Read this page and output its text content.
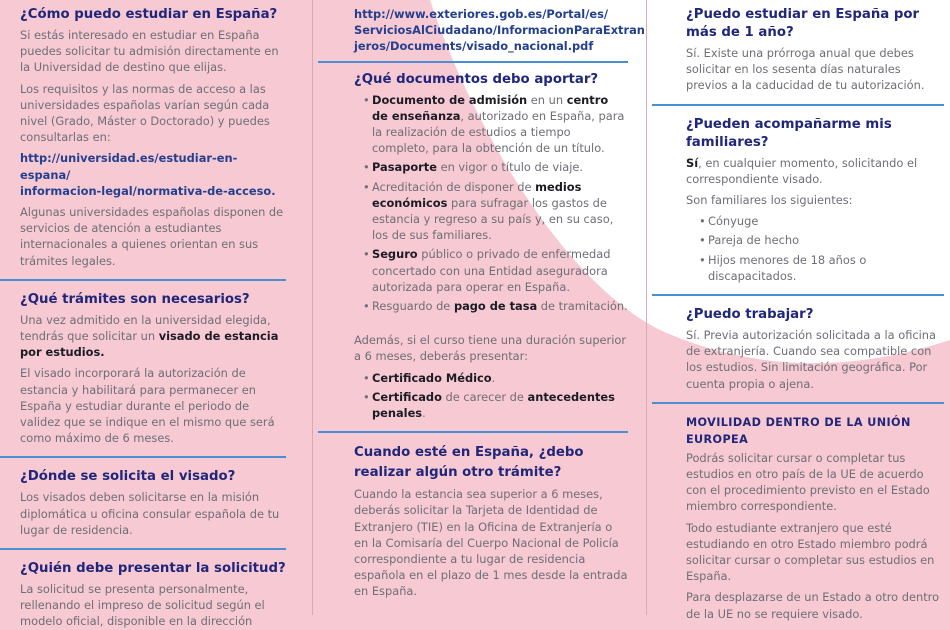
¿Cómo puedo estudiar en España?

Si estás interesado en estudiar en España puedes solicitar tu admisión directamente en la Universidad de destino que elijas.

Los requisitos y las normas de acceso a las universidades españolas varían según cada nivel (Grado, Máster o Doctorado) y puedes consultarlas en:

http://universidad.es/estudiar-en-espana/
informacion-legal/normativa-de-acceso.

Algunas universidades españolas disponen de servicios de atención a estudiantes internacionales a quienes orientan en sus trámites legales.

¿Qué trámites son necesarios?

Una vez admitido en la universidad elegida, tendrás que solicitar un visado de estancia por estudios.

El visado incorporará la autorización de estancia y habilitará para permanecer en España y estudiar durante el periodo de validez que se indique en el mismo que será como máximo de 6 meses.

¿Dónde se solicita el visado?

Los visados deben solicitarse en la misión diplomática u oficina consular española de tu lugar de residencia.

¿Quién debe presentar la solicitud?

La solicitud se presenta personalmente, rellenando el impreso de solicitud según el modelo oficial, disponible en la dirección

http://www.exteriores.gob.es/Portal/es/
ServiciosAlCiudadano/InformacionParaExtran
jeros/Documents/visado_nacional.pdf
¿Qué documentos debo aportar?
• Documento de admisión en un centro de enseñanza, autorizado en España, para la realización de estudios a tiempo completo, para la obtención de un título.
• Pasaporte en vigor o título de viaje.
• Acreditación de disponer de medios económicos para sufragar los gastos de estancia y regreso a su país y, en su caso, los de sus familiares.
• Seguro público o privado de enfermedad concertado con una Entidad aseguradora autorizada para operar en España.
• Resguardo de pago de tasa de tramitación.

Además, si el curso tiene una duración superior a 6 meses, deberás presentar:

• Certificado Médico.
• Certificado de carecer de antecedentes penales.
Cuando esté en España, ¿debo realizar algún otro trámite?

Cuando la estancia sea superior a 6 meses, deberás solicitar la Tarjeta de Identidad de Extranjero (TIE) en la Oficina de Extranjería o en la Comisaría del Cuerpo Nacional de Policía correspondiente a tu lugar de residencia española en el plazo de 1 mes desde la entrada en España.

¿Puedo estudiar en España por más de 1 año?

Sí. Existe una prórroga anual que debes solicitar en los sesenta días naturales previos a la caducidad de tu autorización.

¿Pueden acompañarme mis familiares?

Sí, en cualquier momento, solicitando el correspondiente visado.

Son familiares los siguientes:

• Cónyuge
• Pareja de hecho
• Hijos menores de 18 años o discapacitados.
¿Puedo trabajar?

Sí. Previa autorización solicitada a la oficina de extranjería. Cuando sea compatible con los estudios. Sin limitación geográfica. Por cuenta propia o ajena.

MOVILIDAD DENTRO DE LA UNIÓN EUROPEA

Podrás solicitar cursar o completar tus estudios en otro país de la UE de acuerdo con el procedimiento previsto en el Estado miembro correspondiente.

Todo estudiante extranjero que esté estudiando en otro Estado miembro podrá solicitar cursar o completar sus estudios en España.

Para desplazarse de un Estado a otro dentro de la UE no se requiere visado.
